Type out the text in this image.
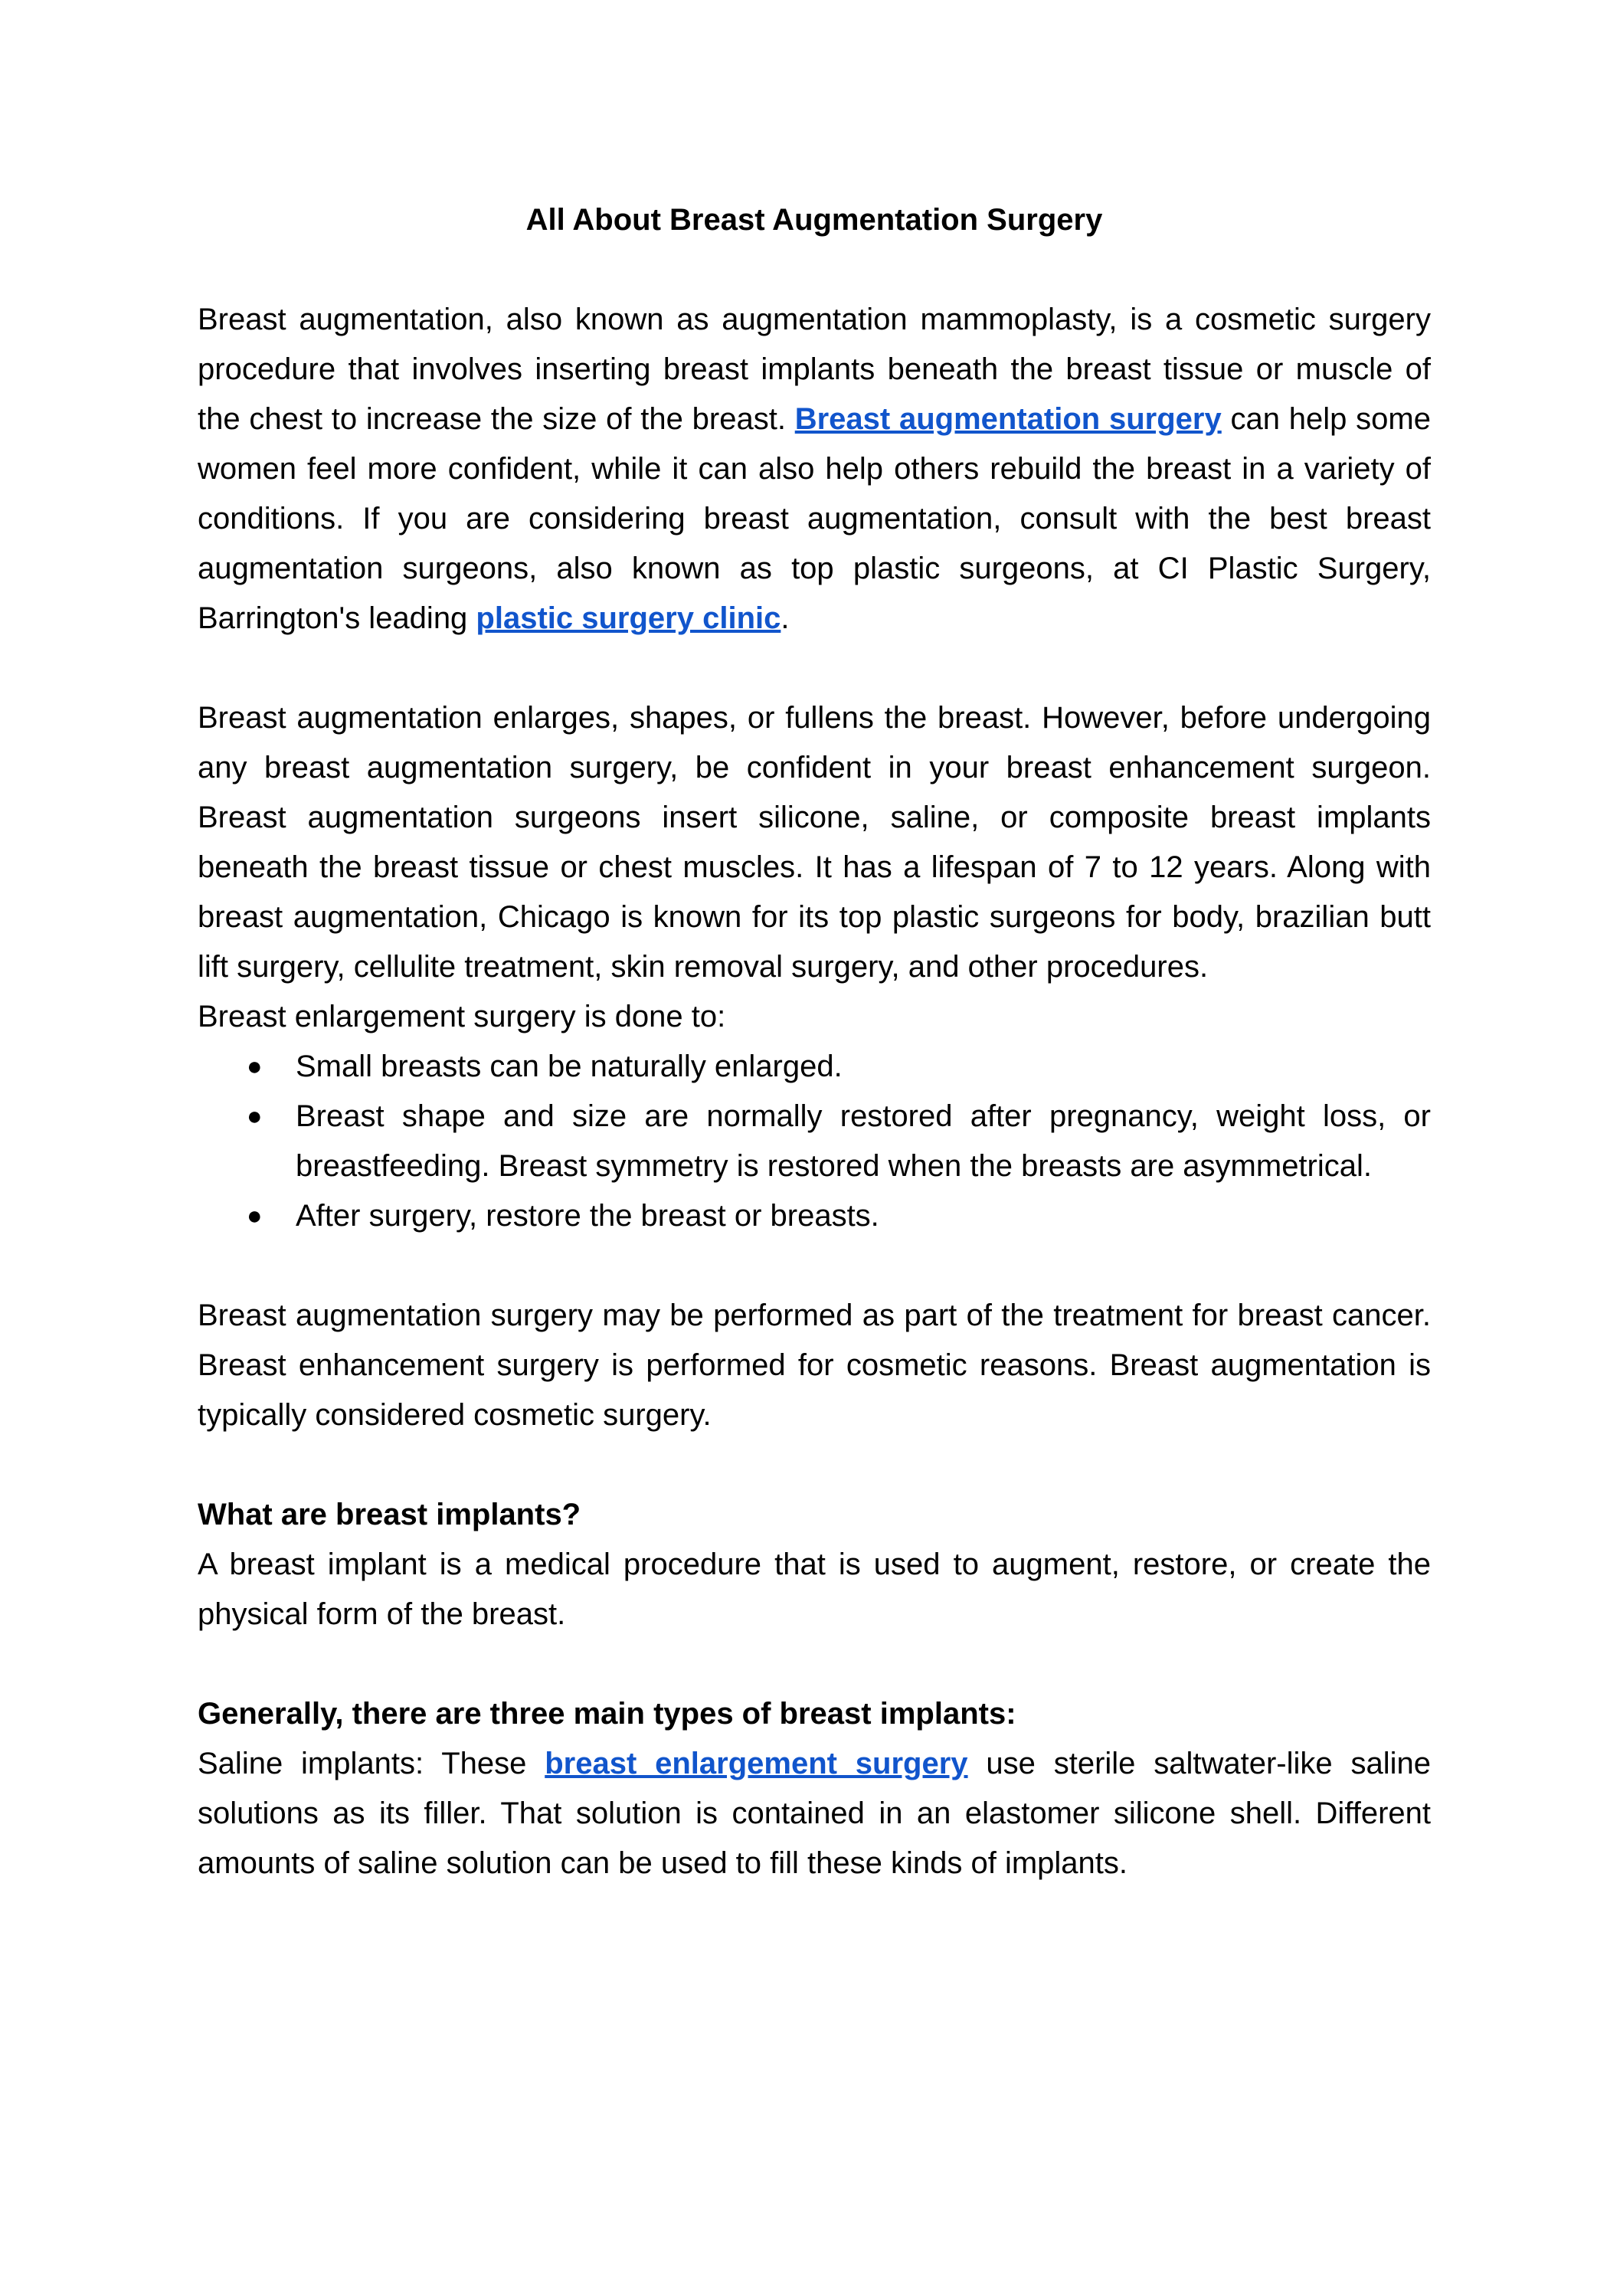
All About Breast Augmentation Surgery

Breast augmentation, also known as augmentation mammoplasty, is a cosmetic surgery procedure that involves inserting breast implants beneath the breast tissue or muscle of the chest to increase the size of the breast. Breast augmentation surgery can help some women feel more confident, while it can also help others rebuild the breast in a variety of conditions. If you are considering breast augmentation, consult with the best breast augmentation surgeons, also known as top plastic surgeons, at CI Plastic Surgery, Barrington's leading plastic surgery clinic.

Breast augmentation enlarges, shapes, or fullens the breast. However, before undergoing any breast augmentation surgery, be confident in your breast enhancement surgeon. Breast augmentation surgeons insert silicone, saline, or composite breast implants beneath the breast tissue or chest muscles. It has a lifespan of 7 to 12 years. Along with breast augmentation, Chicago is known for its top plastic surgeons for body, brazilian butt lift surgery, cellulite treatment, skin removal surgery, and other procedures.

Breast enlargement surgery is done to:

● Small breasts can be naturally enlarged.
● Breast shape and size are normally restored after pregnancy, weight loss, or breastfeeding. Breast symmetry is restored when the breasts are asymmetrical.
● After surgery, restore the breast or breasts.

Breast augmentation surgery may be performed as part of the treatment for breast cancer. Breast enhancement surgery is performed for cosmetic reasons. Breast augmentation is typically considered cosmetic surgery.

What are breast implants?

A breast implant is a medical procedure that is used to augment, restore, or create the physical form of the breast.

Generally, there are three main types of breast implants:

Saline implants: These breast enlargement surgery use sterile saltwater-like saline solutions as its filler. That solution is contained in an elastomer silicone shell. Different amounts of saline solution can be used to fill these kinds of implants.
